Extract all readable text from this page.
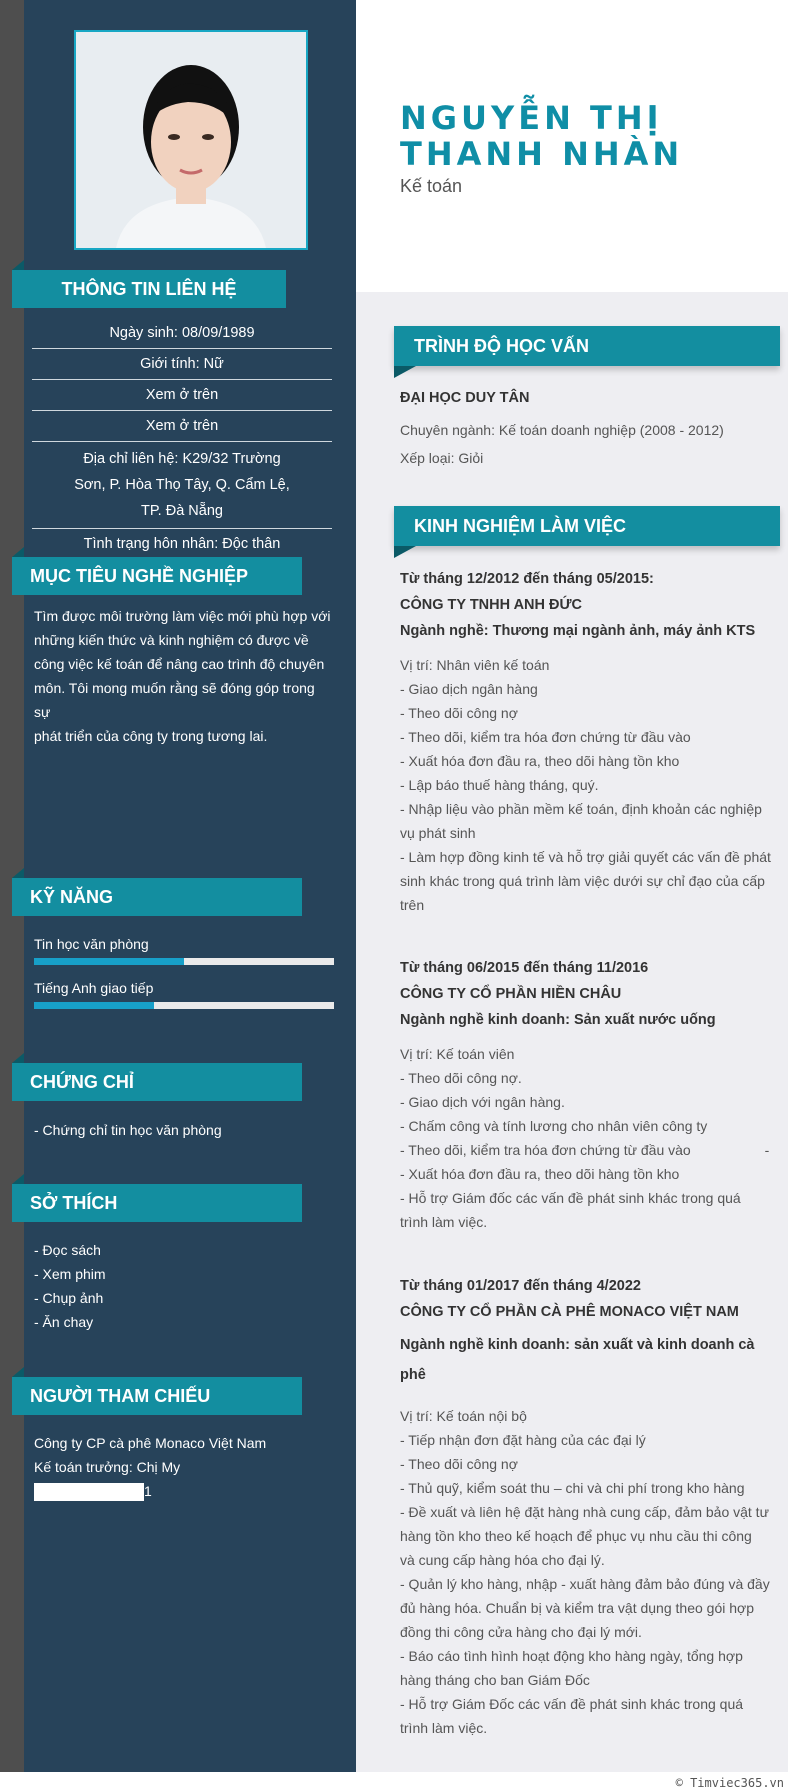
THÔNG TIN LIÊN HỆ
Ngày sinh: 08/09/1989
Giới tính: Nữ
Xem ở trên
Xem ở trên
Địa chỉ liên hệ: K29/32 Trường
Sơn, P. Hòa Thọ Tây, Q. Cẩm Lệ,
TP. Đà Nẵng
Tình trạng hôn nhân: Độc thân
MỤC TIÊU NGHỀ NGHIỆP
Tìm được môi trường làm việc mới phù hợp với
những kiến thức và kinh nghiệm có được về
công việc kế toán để nâng cao trình độ chuyên
môn. Tôi mong muốn rằng sẽ đóng góp trong sự
phát triển của công ty trong tương lai.
KỸ NĂNG
Tin học văn phòng
Tiếng Anh giao tiếp
CHỨNG CHỈ
- Chứng chỉ tin học văn phòng
SỞ THÍCH
- Đọc sách
- Xem phim
- Chụp ảnh
- Ăn chay
NGƯỜI THAM CHIẾU
Công ty CP cà phê Monaco Việt Nam
Kế toán trưởng: Chị My
1
NGUYỄN THỊ
THANH NHÀN
Kế toán
TRÌNH ĐỘ HỌC VẤN
ĐẠI HỌC DUY TÂN
Chuyên ngành: Kế toán doanh nghiệp (2008 - 2012)
Xếp loại: Giỏi
KINH NGHIỆM LÀM VIỆC
Từ tháng 12/2012 đến tháng 05/2015:
CÔNG TY TNHH ANH ĐỨC
Ngành nghề: Thương mại ngành ảnh, máy ảnh KTS
Vị trí: Nhân viên kế toán
- Giao dịch ngân hàng
- Theo dõi công nợ
- Theo dõi, kiểm tra hóa đơn chứng từ đầu vào
- Xuất hóa đơn đầu ra, theo dõi hàng tồn kho
- Lập báo thuế hàng tháng, quý.
- Nhập liệu vào phần mềm kế toán, định khoản các nghiệp
vụ phát sinh
- Làm hợp đồng kinh tế và hỗ trợ giải quyết các vấn đề phát
sinh khác trong quá trình làm việc dưới sự chỉ đạo của cấp
trên
Từ tháng 06/2015 đến tháng 11/2016
CÔNG TY CỔ PHẦN HIỀN CHÂU
Ngành nghề kinh doanh: Sản xuất nước uống
Vị trí: Kế toán viên
- Theo dõi công nợ.
- Giao dịch với ngân hàng.
- Chấm công và tính lương cho nhân viên công ty
- Theo dõi, kiểm tra hóa đơn chứng từ đầu vào                   -
- Xuất hóa đơn đầu ra, theo dõi hàng tồn kho
- Hỗ trợ Giám đốc các vấn đề phát sinh khác trong quá
trình làm việc.
Từ tháng 01/2017 đến tháng 4/2022
CÔNG TY CỔ PHẦN CÀ PHÊ MONACO VIỆT NAM
Ngành nghề kinh doanh: sản xuất và kinh doanh cà
phê
Vị trí: Kế toán nội bộ
- Tiếp nhận đơn đặt hàng của các đại lý
- Theo dõi công nợ
- Thủ quỹ, kiểm soát thu – chi và chi phí trong kho hàng
- Đề xuất và liên hệ đặt hàng nhà cung cấp, đảm bảo vật tư
hàng tồn kho theo kế hoạch để phục vụ nhu cầu thi công
và cung cấp hàng hóa cho đại lý.
- Quản lý kho hàng, nhập - xuất hàng đảm bảo đúng và đầy
đủ hàng hóa. Chuẩn bị và kiểm tra vật dụng theo gói hợp
đồng thi công cửa hàng cho đại lý mới.
- Báo cáo tình hình hoạt động kho hàng ngày, tổng hợp
hàng tháng cho ban Giám Đốc
- Hỗ trợ Giám Đốc các vấn đề phát sinh khác trong quá
trình làm việc.
© Timviec365.vn
